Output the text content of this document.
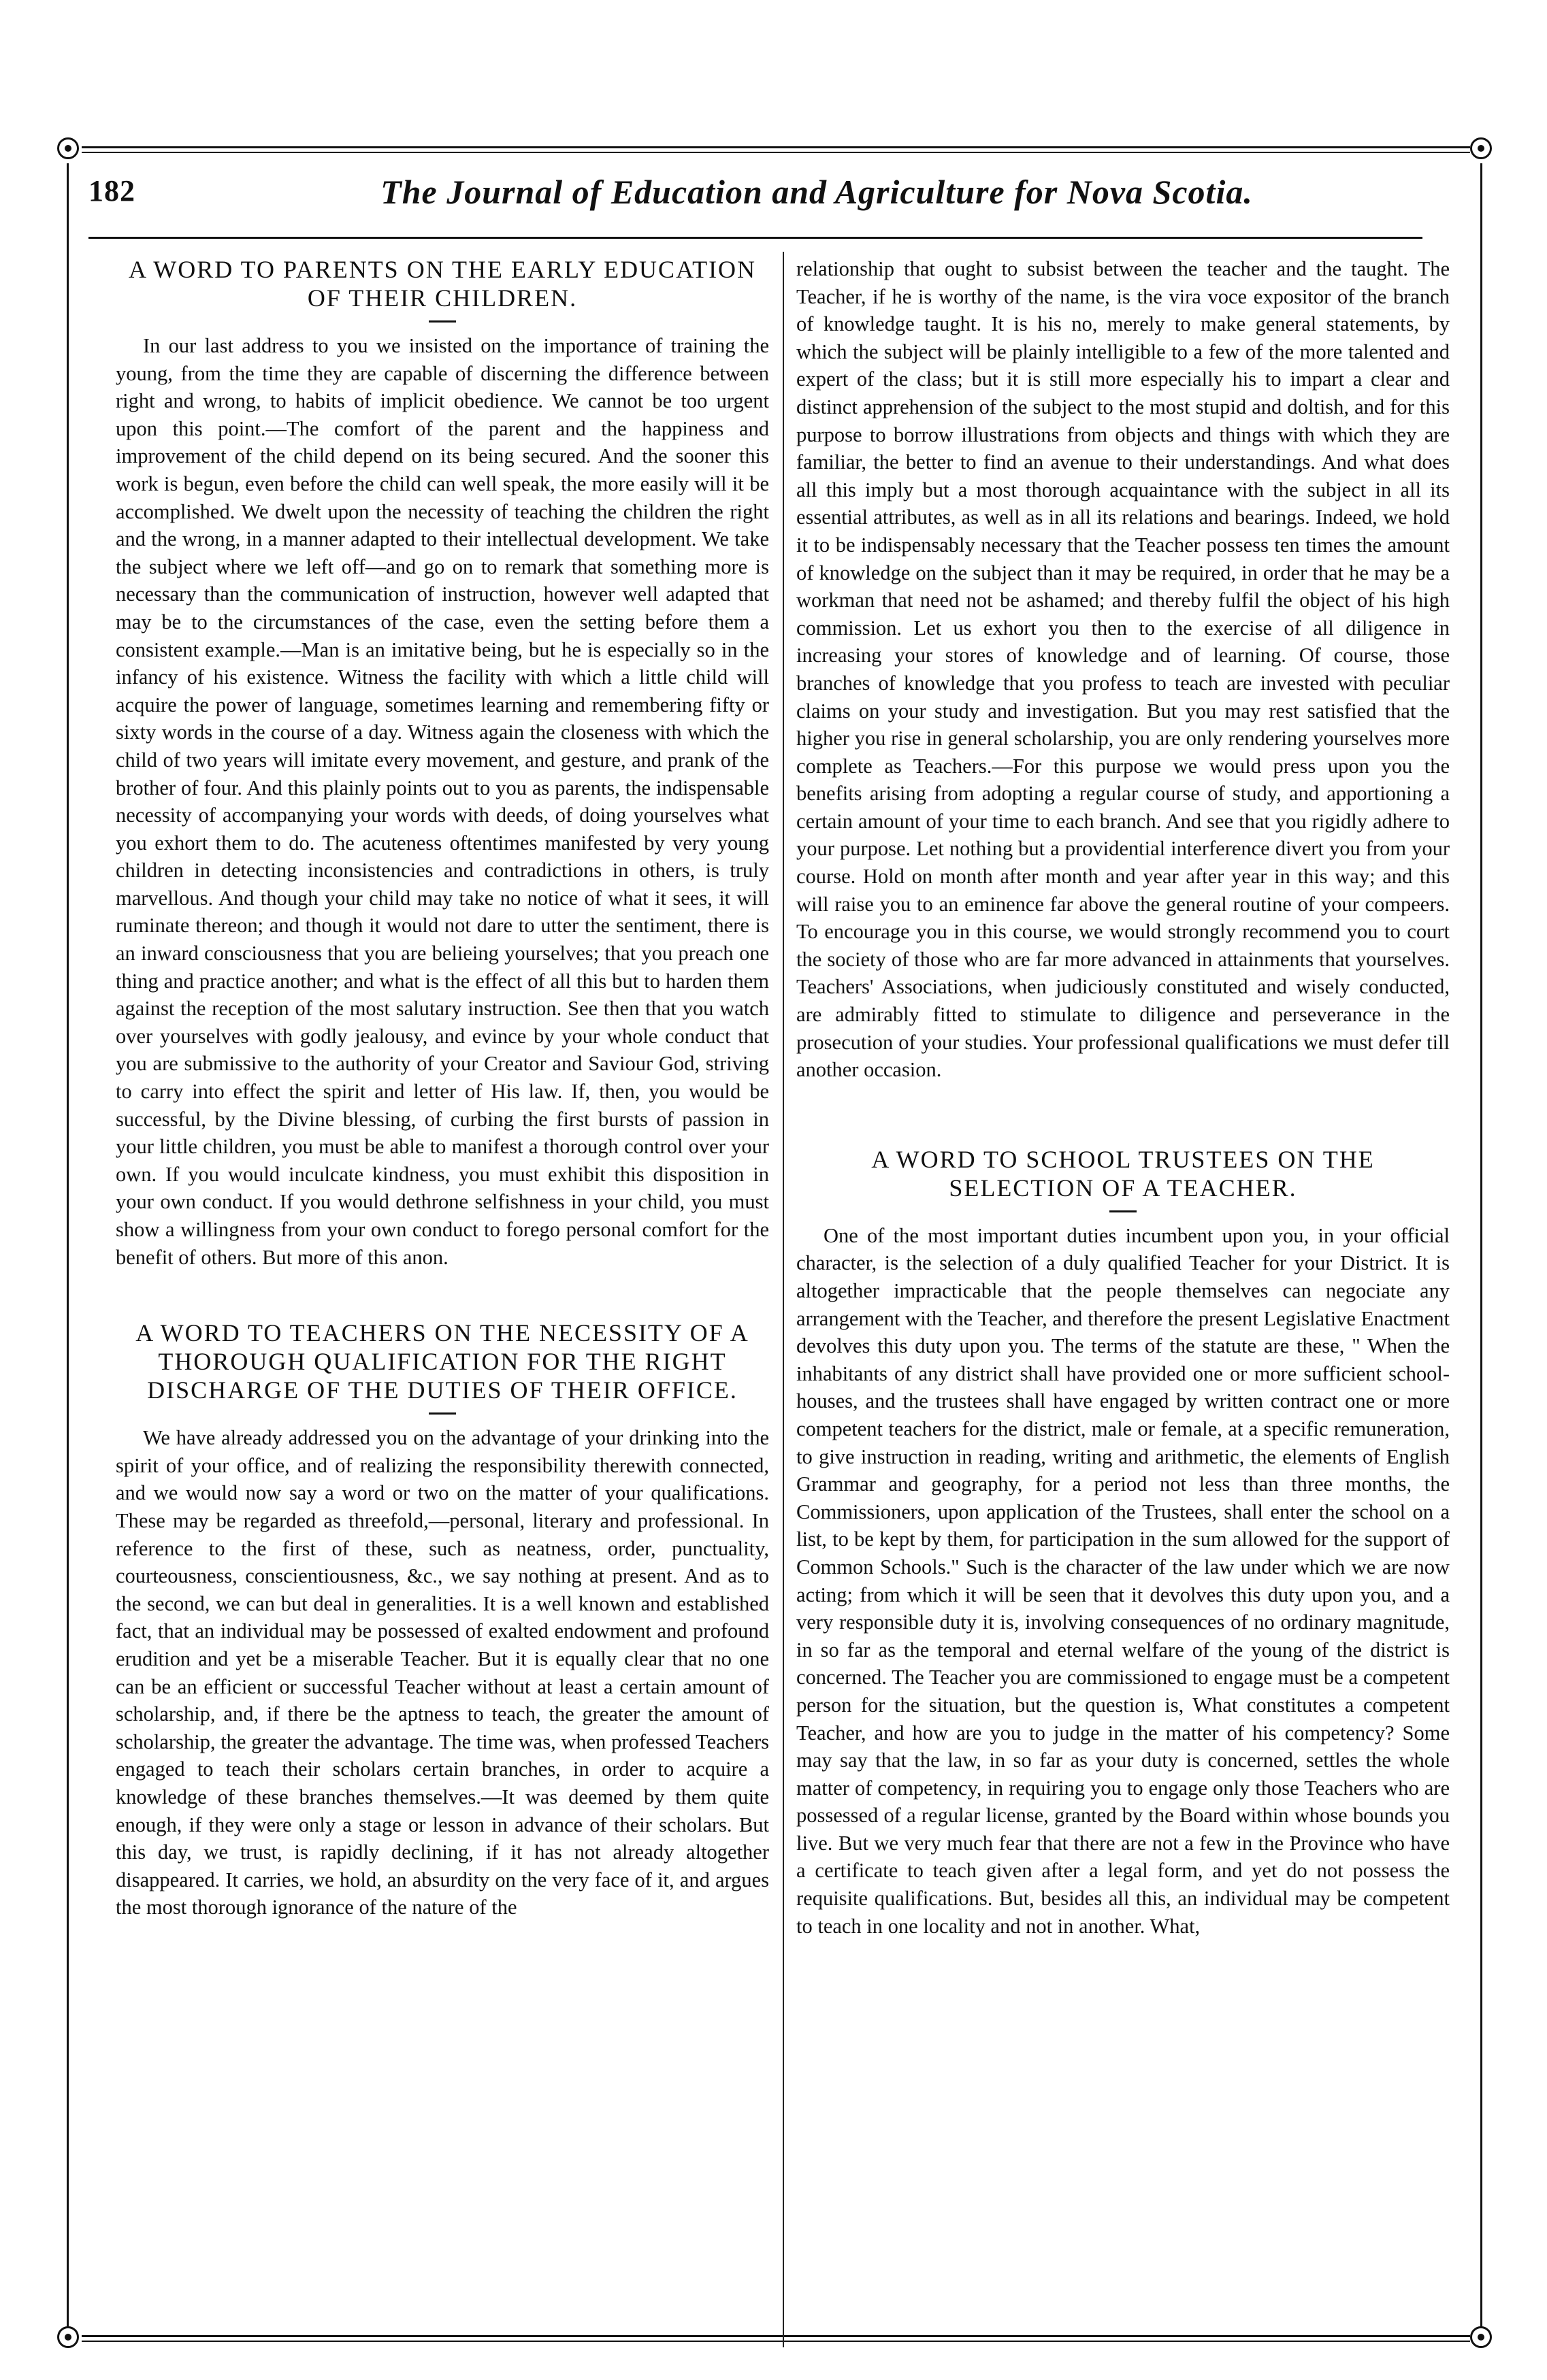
182	The Journal of Education and Agriculture for Nova Scotia.
A WORD TO PARENTS ON THE EARLY EDUCATION OF THEIR CHILDREN.

In our last address to you we insisted on the importance of training the young, from the time they are capable of discerning the difference between right and wrong, to habits of implicit obedience. We cannot be too urgent upon this point.—The comfort of the parent and the happiness and improvement of the child depend on its being secured. And the sooner this work is begun, even before the child can well speak, the more easily will it be accomplished. We dwelt upon the necessity of teaching the children the right and the wrong, in a manner adapted to their intellectual development. We take the subject where we left off—and go on to remark that something more is necessary than the communication of instruction, however well adapted that may be to the circumstances of the case, even the setting before them a consistent example.—Man is an imitative being, but he is especially so in the infancy of his existence. Witness the facility with which a little child will acquire the power of language, sometimes learning and remembering fifty or sixty words in the course of a day. Witness again the closeness with which the child of two years will imitate every movement, and gesture, and prank of the brother of four. And this plainly points out to you as parents, the indispensable necessity of accompanying your words with deeds, of doing yourselves what you exhort them to do. The acuteness oftentimes manifested by very young children in detecting inconsistencies and contradictions in others, is truly marvellous. And though your child may take no notice of what it sees, it will ruminate thereon; and though it would not dare to utter the sentiment, there is an inward consciousness that you are belieing yourselves; that you preach one thing and practice another; and what is the effect of all this but to harden them against the reception of the most salutary instruction. See then that you watch over yourselves with godly jealousy, and evince by your whole conduct that you are submissive to the authority of your Creator and Saviour God, striving to carry into effect the spirit and letter of His law. If, then, you would be successful, by the Divine blessing, of curbing the first bursts of passion in your little children, you must be able to manifest a thorough control over your own. If you would inculcate kindness, you must exhibit this disposition in your own conduct. If you would dethrone selfishness in your child, you must show a willingness from your own conduct to forego personal comfort for the benefit of others. But more of this anon.

A WORD TO TEACHERS ON THE NECESSITY OF A THOROUGH QUALIFICATION FOR THE RIGHT DISCHARGE OF THE DUTIES OF THEIR OFFICE.

We have already addressed you on the advantage of your drinking into the spirit of your office, and of realizing the responsibility therewith connected, and we would now say a word or two on the matter of your qualifications. These may be regarded as threefold,—personal, literary and professional. In reference to the first of these, such as neatness, order, punctuality, courteousness, conscientiousness, &c., we say nothing at present. And as to the second, we can but deal in generalities. It is a well known and established fact, that an individual may be possessed of exalted endowment and profound erudition and yet be a miserable Teacher. But it is equally clear that no one can be an efficient or successful Teacher without at least a certain amount of scholarship, and, if there be the aptness to teach, the greater the amount of scholarship, the greater the advantage. The time was, when professed Teachers engaged to teach their scholars certain branches, in order to acquire a knowledge of these branches themselves.—It was deemed by them quite enough, if they were only a stage or lesson in advance of their scholars. But this day, we trust, is rapidly declining, if it has not already altogether disappeared. It carries, we hold, an absurdity on the very face of it, and argues the most thorough ignorance of the nature of the

relationship that ought to subsist between the teacher and the taught. The Teacher, if he is worthy of the name, is the vira voce expositor of the branch of knowledge taught. It is his no, merely to make general statements, by which the subject will be plainly intelligible to a few of the more talented and expert of the class; but it is still more especially his to impart a clear and distinct apprehension of the subject to the most stupid and doltish, and for this purpose to borrow illustrations from objects and things with which they are familiar, the better to find an avenue to their understandings. And what does all this imply but a most thorough acquaintance with the subject in all its essential attributes, as well as in all its relations and bearings. Indeed, we hold it to be indispensably necessary that the Teacher possess ten times the amount of knowledge on the subject than it may be required, in order that he may be a workman that need not be ashamed; and thereby fulfil the object of his high commission. Let us exhort you then to the exercise of all diligence in increasing your stores of knowledge and of learning. Of course, those branches of knowledge that you profess to teach are invested with peculiar claims on your study and investigation. But you may rest satisfied that the higher you rise in general scholarship, you are only rendering yourselves more complete as Teachers.—For this purpose we would press upon you the benefits arising from adopting a regular course of study, and apportioning a certain amount of your time to each branch. And see that you rigidly adhere to your purpose. Let nothing but a providential interference divert you from your course. Hold on month after month and year after year in this way; and this will raise you to an eminence far above the general routine of your compeers. To encourage you in this course, we would strongly recommend you to court the society of those who are far more advanced in attainments that yourselves. Teachers' Associations, when judiciously constituted and wisely conducted, are admirably fitted to stimulate to diligence and perseverance in the prosecution of your studies. Your professional qualifications we must defer till another occasion.

A WORD TO SCHOOL TRUSTEES ON THE SELECTION OF A TEACHER.

One of the most important duties incumbent upon you, in your official character, is the selection of a duly qualified Teacher for your District. It is altogether impracticable that the people themselves can negociate any arrangement with the Teacher, and therefore the present Legislative Enactment devolves this duty upon you. The terms of the statute are these, " When the inhabitants of any district shall have provided one or more sufficient school-houses, and the trustees shall have engaged by written contract one or more competent teachers for the district, male or female, at a specific remuneration, to give instruction in reading, writing and arithmetic, the elements of English Grammar and geography, for a period not less than three months, the Commissioners, upon application of the Trustees, shall enter the school on a list, to be kept by them, for participation in the sum allowed for the support of Common Schools." Such is the character of the law under which we are now acting; from which it will be seen that it devolves this duty upon you, and a very responsible duty it is, involving consequences of no ordinary magnitude, in so far as the temporal and eternal welfare of the young of the district is concerned. The Teacher you are commissioned to engage must be a competent person for the situation, but the question is, What constitutes a competent Teacher, and how are you to judge in the matter of his competency? Some may say that the law, in so far as your duty is concerned, settles the whole matter of competency, in requiring you to engage only those Teachers who are possessed of a regular license, granted by the Board within whose bounds you live. But we very much fear that there are not a few in the Province who have a certificate to teach given after a legal form, and yet do not possess the requisite qualifications. But, besides all this, an individual may be competent to teach in one locality and not in another. What,
